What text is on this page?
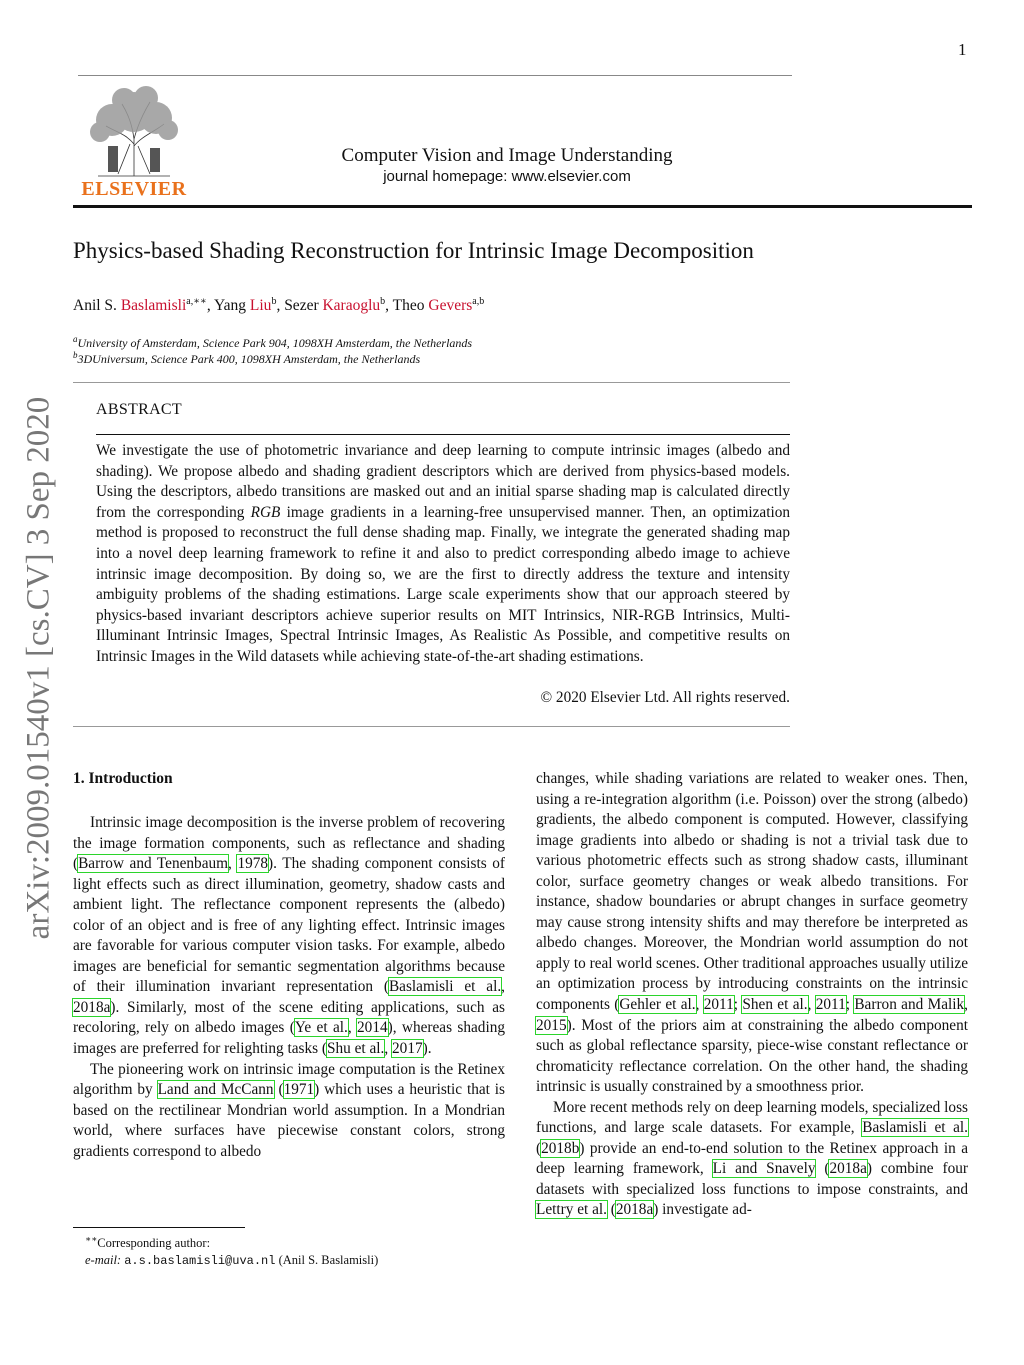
1
ELSEVIER
Computer Vision and Image Understanding
journal homepage: www.elsevier.com
Physics-based Shading Reconstruction for Intrinsic Image Decomposition
Anil S. Baslamisli$^{a,∗∗}$, Yang Liu$^b$, Sezer Karaoglu$^b$, Theo Gevers$^{a,b}$
$^a$University of Amsterdam, Science Park 904, 1098XH Amsterdam, the Netherlands
$^b$3DUniversum, Science Park 400, 1098XH Amsterdam, the Netherlands
ABSTRACT
We investigate the use of photometric invariance and deep learning to compute intrinsic images (albedo and shading). We propose albedo and shading gradient descriptors which are derived from physics-based models. Using the descriptors, albedo transitions are masked out and an initial sparse shading map is calculated directly from the corresponding RGB image gradients in a learning-free unsupervised manner. Then, an optimization method is proposed to reconstruct the full dense shading map. Finally, we integrate the generated shading map into a novel deep learning framework to refine it and also to predict corresponding albedo image to achieve intrinsic image decomposition. By doing so, we are the first to directly address the texture and intensity ambiguity problems of the shading estimations. Large scale experiments show that our approach steered by physics-based invariant descriptors achieve superior results on MIT Intrinsics, NIR-RGB Intrinsics, Multi-Illuminant Intrinsic Images, Spectral Intrinsic Images, As Realistic As Possible, and competitive results on Intrinsic Images in the Wild datasets while achieving state-of-the-art shading estimations.
© 2020 Elsevier Ltd. All rights reserved.
arXiv:2009.01540v1 [cs.CV] 3 Sep 2020 1. Introduction

Intrinsic image decomposition is the inverse problem of recovering the image formation components, such as reflectance and shading (Barrow and Tenenbaum, 1978). The shading component consists of light effects such as direct illumination, geometry, shadow casts and ambient light. The reflectance component represents the (albedo) color of an object and is free of any lighting effect. Intrinsic images are favorable for various computer vision tasks. For example, albedo images are beneficial for semantic segmentation algorithms because of their illumination invariant representation (Baslamisli et al., 2018a). Similarly, most of the scene editing applications, such as recoloring, rely on albedo images (Ye et al., 2014), whereas shading images are preferred for relighting tasks (Shu et al., 2017).

The pioneering work on intrinsic image computation is the Retinex algorithm by Land and McCann (1971) which uses a heuristic that is based on the rectilinear Mondrian world assumption. In a Mondrian world, where surfaces have piecewise constant colors, strong gradients correspond to albedo

changes, while shading variations are related to weaker ones. Then, using a re-integration algorithm (i.e. Poisson) over the strong (albedo) gradients, the albedo component is computed. However, classifying image gradients into albedo or shading is not a trivial task due to various photometric effects such as strong shadow casts, illuminant color, surface geometry changes or weak albedo transitions. For instance, shadow boundaries or abrupt changes in surface geometry may cause strong intensity shifts and may therefore be interpreted as albedo changes. Moreover, the Mondrian world assumption do not apply to real world scenes. Other traditional approaches usually utilize an optimization process by introducing constraints on the intrinsic components (Gehler et al., 2011; Shen et al., 2011; Barron and Malik, 2015). Most of the priors aim at constraining the albedo component such as global reflectance sparsity, piece-wise constant reflectance or chromaticity reflectance correlation. On the other hand, the shading intrinsic is usually constrained by a smoothness prior.

More recent methods rely on deep learning models, specialized loss functions, and large scale datasets. For example, Baslamisli et al. (2018b) provide an end-to-end solution to the Retinex approach in a deep learning framework, Li and Snavely (2018a) combine four datasets with specialized loss functions to impose constraints, and Lettry et al. (2018a) investigate ad-

∗∗Corresponding author:
e-mail: a.s.baslamisli@uva.nl (Anil S. Baslamisli)
